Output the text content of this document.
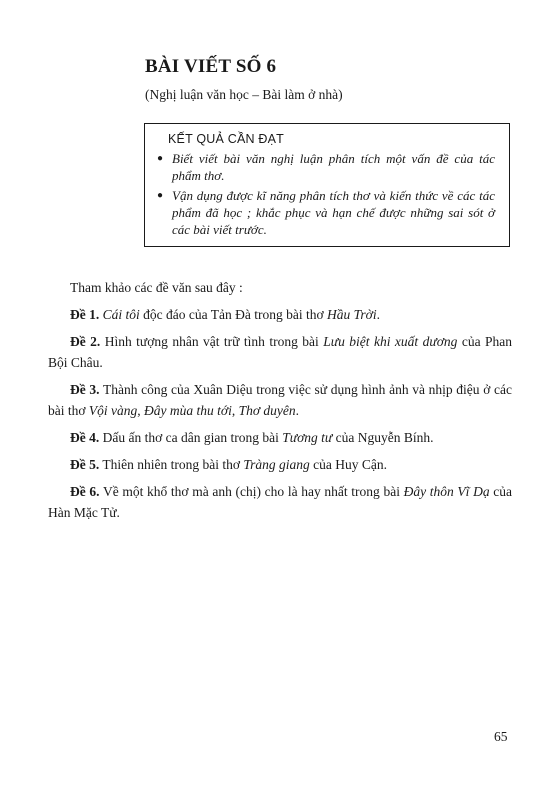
BÀI VIẾT SỐ 6

(Nghị luận văn học – Bài làm ở nhà)

KẾT QUẢ CẦN ĐẠT

● Biết viết bài văn nghị luận phân tích một vấn đề của tác phẩm thơ.
● Vận dụng được kĩ năng phân tích thơ và kiến thức về các tác phẩm đã học ; khắc phục và hạn chế được những sai sót ở các bài viết trước.

Tham khảo các đề văn sau đây :

Đề 1. Cái tôi độc đáo của Tản Đà trong bài thơ Hầu Trời.

Đề 2. Hình tượng nhân vật trữ tình trong bài Lưu biệt khi xuất dương của Phan Bội Châu.

Đề 3. Thành công của Xuân Diệu trong việc sử dụng hình ảnh và nhịp điệu ở các bài thơ Vội vàng, Đây mùa thu tới, Thơ duyên.

Đề 4. Dấu ấn thơ ca dân gian trong bài Tương tư của Nguyễn Bính.

Đề 5. Thiên nhiên trong bài thơ Tràng giang của Huy Cận.

Đề 6. Về một khổ thơ mà anh (chị) cho là hay nhất trong bài Đây thôn Vĩ Dạ của Hàn Mặc Tử.

65
